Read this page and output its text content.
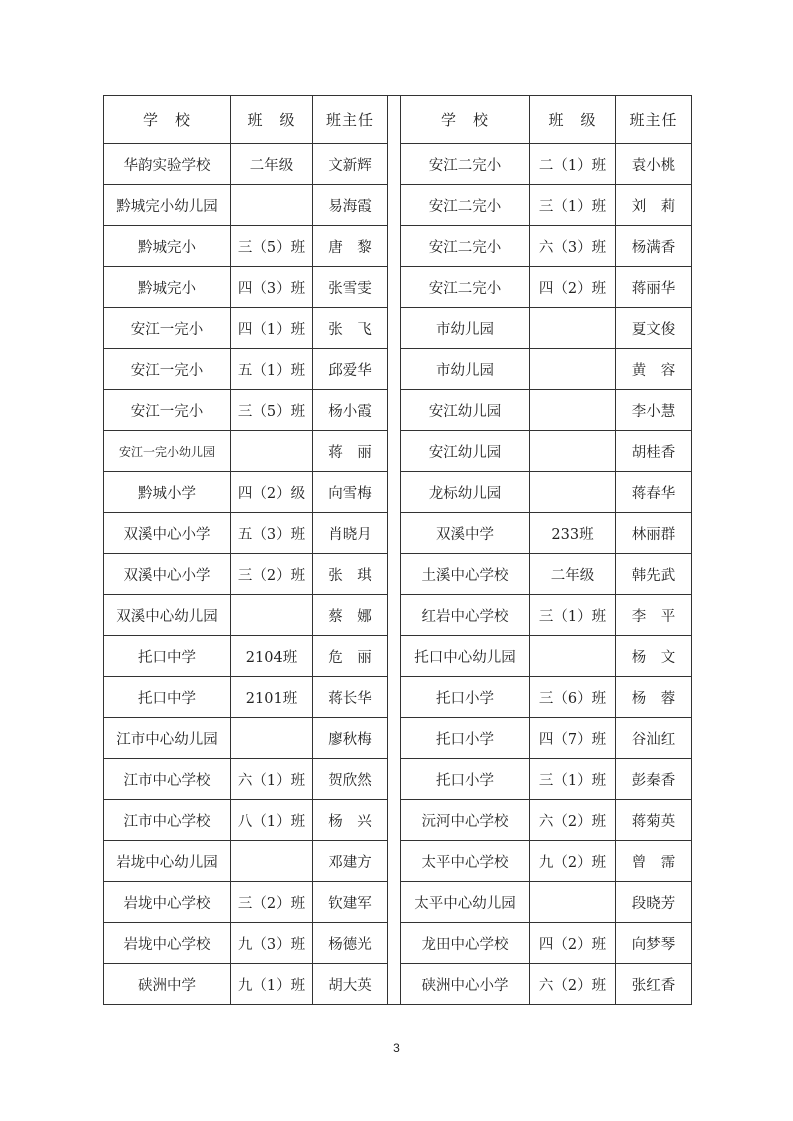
学　校	班　级	班主任		学　校	班　级	班主任
华韵实验学校	二年级	文新辉		安江二完小	二（1）班	袁小桃
黔城完小幼儿园		易海霞		安江二完小	三（1）班	刘　莉
黔城完小	三（5）班	唐　黎		安江二完小	六（3）班	杨满香
黔城完小	四（3）班	张雪雯		安江二完小	四（2）班	蒋丽华
安江一完小	四（1）班	张　飞		市幼儿园		夏文俊
安江一完小	五（1）班	邱爱华		市幼儿园		黄　容
安江一完小	三（5）班	杨小霞		安江幼儿园		李小慧
安江一完小幼儿园		蒋　丽		安江幼儿园		胡桂香
黔城小学	四（2）级	向雪梅		龙标幼儿园		蒋春华
双溪中心小学	五（3）班	肖晓月		双溪中学	233班	林丽群
双溪中心小学	三（2）班	张　琪		土溪中心学校	二年级	韩先武
双溪中心幼儿园		蔡　娜		红岩中心学校	三（1）班	李　平
托口中学	2104班	危　丽		托口中心幼儿园		杨　文
托口中学	2101班	蒋长华		托口小学	三（6）班	杨　蓉
江市中心幼儿园		廖秋梅		托口小学	四（7）班	谷汕红
江市中心学校	六（1）班	贺欣然		托口小学	三（1）班	彭秦香
江市中心学校	八（1）班	杨　兴		沅河中心学校	六（2）班	蒋菊英
岩垅中心幼儿园		邓建方		太平中心学校	九（2）班	曾　霈
岩垅中心学校	三（2）班	钦建军		太平中心幼儿园		段晓芳
岩垅中心学校	九（3）班	杨德光		龙田中心学校	四（2）班	向梦琴
硖洲中学	九（1）班	胡大英		硖洲中心小学	六（2）班	张红香
3
